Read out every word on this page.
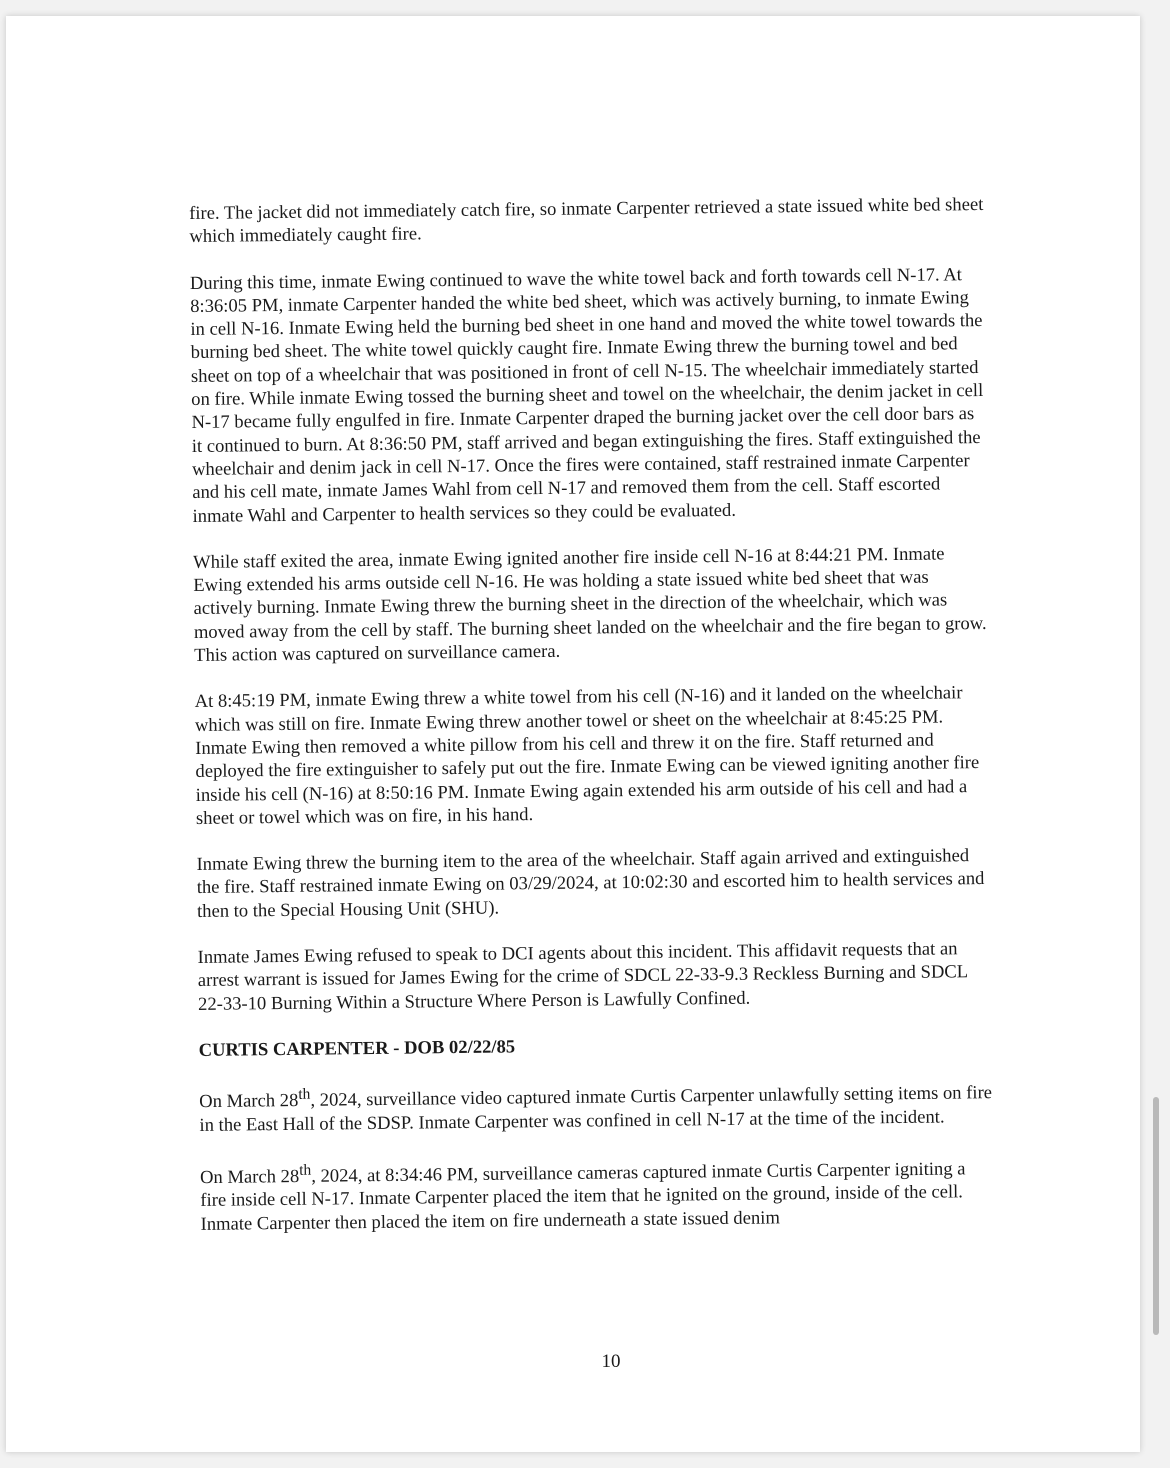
fire. The jacket did not immediately catch fire, so inmate Carpenter retrieved a state issued white bed sheet which immediately caught fire.

During this time, inmate Ewing continued to wave the white towel back and forth towards cell N-17. At 8:36:05 PM, inmate Carpenter handed the white bed sheet, which was actively burning, to inmate Ewing in cell N-16. Inmate Ewing held the burning bed sheet in one hand and moved the white towel towards the burning bed sheet. The white towel quickly caught fire. Inmate Ewing threw the burning towel and bed sheet on top of a wheelchair that was positioned in front of cell N-15. The wheelchair immediately started on fire. While inmate Ewing tossed the burning sheet and towel on the wheelchair, the denim jacket in cell N-17 became fully engulfed in fire. Inmate Carpenter draped the burning jacket over the cell door bars as it continued to burn. At 8:36:50 PM, staff arrived and began extinguishing the fires. Staff extinguished the wheelchair and denim jack in cell N-17. Once the fires were contained, staff restrained inmate Carpenter and his cell mate, inmate James Wahl from cell N-17 and removed them from the cell. Staff escorted inmate Wahl and Carpenter to health services so they could be evaluated.

While staff exited the area, inmate Ewing ignited another fire inside cell N-16 at 8:44:21 PM. Inmate Ewing extended his arms outside cell N-16. He was holding a state issued white bed sheet that was actively burning. Inmate Ewing threw the burning sheet in the direction of the wheelchair, which was moved away from the cell by staff. The burning sheet landed on the wheelchair and the fire began to grow. This action was captured on surveillance camera.

At 8:45:19 PM, inmate Ewing threw a white towel from his cell (N-16) and it landed on the wheelchair which was still on fire. Inmate Ewing threw another towel or sheet on the wheelchair at 8:45:25 PM. Inmate Ewing then removed a white pillow from his cell and threw it on the fire. Staff returned and deployed the fire extinguisher to safely put out the fire. Inmate Ewing can be viewed igniting another fire inside his cell (N-16) at 8:50:16 PM. Inmate Ewing again extended his arm outside of his cell and had a sheet or towel which was on fire, in his hand.

Inmate Ewing threw the burning item to the area of the wheelchair. Staff again arrived and extinguished the fire. Staff restrained inmate Ewing on 03/29/2024, at 10:02:30 and escorted him to health services and then to the Special Housing Unit (SHU).

Inmate James Ewing refused to speak to DCI agents about this incident. This affidavit requests that an arrest warrant is issued for James Ewing for the crime of SDCL 22-33-9.3 Reckless Burning and SDCL 22-33-10 Burning Within a Structure Where Person is Lawfully Confined.

CURTIS CARPENTER - DOB 02/22/85

On March 28th, 2024, surveillance video captured inmate Curtis Carpenter unlawfully setting items on fire in the East Hall of the SDSP. Inmate Carpenter was confined in cell N-17 at the time of the incident.

On March 28th, 2024, at 8:34:46 PM, surveillance cameras captured inmate Curtis Carpenter igniting a fire inside cell N-17. Inmate Carpenter placed the item that he ignited on the ground, inside of the cell. Inmate Carpenter then placed the item on fire underneath a state issued denim

10
